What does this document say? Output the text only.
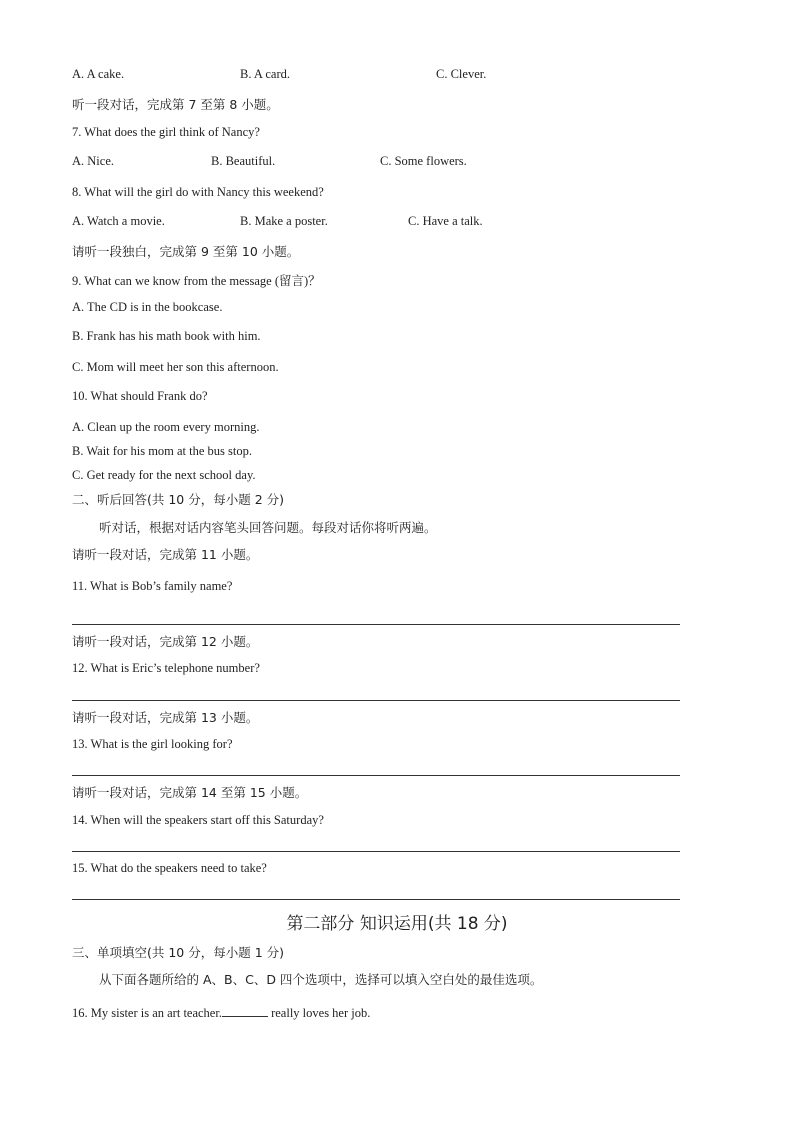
A. A cake.	B. A card.	C. Clever.
听一段对话，完成第 7 至第 8 小题。
7. What does the girl think of Nancy?
A. Nice.	B. Beautiful.	C. Some flowers.
8. What will the girl do with Nancy this weekend?
A. Watch a movie.	B. Make a poster.	C. Have a talk.
请听一段独白，完成第 9 至第 10 小题。
9. What can we know from the message (留言)？
A. The CD is in the bookcase.
B. Frank has his math book with him.
C. Mom will meet her son this afternoon.
10. What should Frank do?
A. Clean up the room every morning.
B. Wait for his mom at the bus stop.
C. Get ready for the next school day.
二、听后回答(共 10 分，每小题 2 分)
听对话，根据对话内容笔头回答问题。每段对话你将听两遍。
请听一段对话，完成第 11 小题。
11. What is Bob’s family name?
请听一段对话，完成第 12 小题。
12. What is Eric’s telephone number?
请听一段对话，完成第 13 小题。
13. What is the girl looking for?
请听一段对话，完成第 14 至第 15 小题。
14. When will the speakers start off this Saturday?
15. What do the speakers need to take?
第二部分 知识运用(共 18 分)
三、单项填空(共 10 分，每小题 1 分)
从下面各题所给的 A、B、C、D 四个选项中，选择可以填入空白处的最佳选项。
16. My sister is an art teacher.	really loves her job.
